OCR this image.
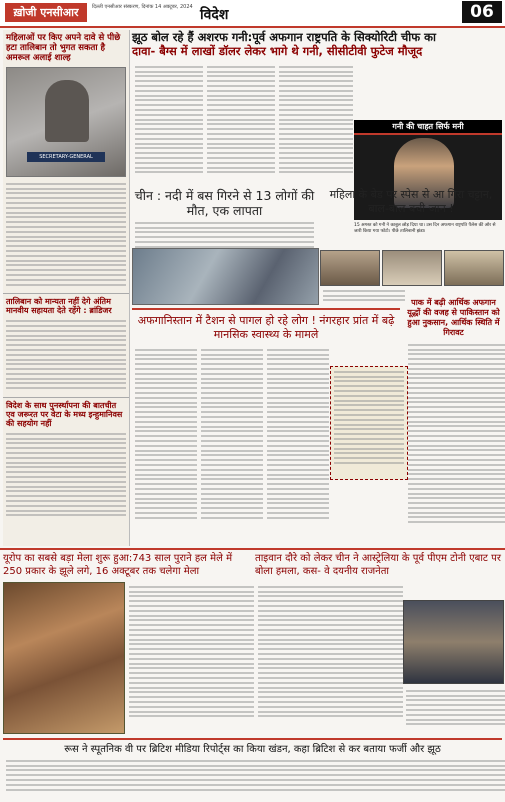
ख़ोजी एनसीआर	दिल्ली एनसीआर संस्करण, दिनांक 14 अक्टूबर, 2024 विदेश	06
महिलाओं पर किए अपने दावे से पीछे हटा तालिबान तो भुगत सकता है अमरूल अलाई शाल्ह
SECRETARY-GENERAL
तालिबान को मान्यता नहीं देगे अंतिम मानवीय सहायता देते रहेंगे : ब्रांडिजर
विदेश के साथ पुनर्स्थापना की बातचीत एव जरूरत पर वेटा के मध्य इन्हुमानिवस की सहयोग नहीं
झूठ बोल रहे हैं अशरफ गनी:पूर्व अफगान राष्ट्रपति के सिक्योरिटी चीफ का
दावा- बैग्स में लाखों डॉलर लेकर भागे थे गनी, सीसीटीवी फुटेज मौजूद
गनी की चाहत सिर्फ मनी
15 अगस्त को गनी ने काबुल छोड़ दिया था। उस दिन अफगान राष्ट्रपति पैलेस की ओर से जारी किया गया फोटो। पीछे तालिबानी झंडा।
चीन : नदी में बस गिरने से 13 लोगों की मौत, एक लापता
महिला के बेड पर स्पेस से आ गिरा चट्टान, बाल-बाल बची जान !
पाक में बढ़ी आर्थिक अफगान यूद्धों की वजह से पाकिस्तान को हुआ नुकसान, आर्थिक स्थिति में गिरावट
अफगानिस्तान में टैशन से पागल हो रहे लोग ! नंगरहार प्रांत में बढ़े मानसिक स्वास्थ्य के मामले
यूरोप का सबसे बड़ा मेला शुरू हुआ:743 साल पुराने हल मेले में 250 प्रकार के झूले लगे, 16 अक्टूबर तक चलेगा मेला
ताइवान दौरे को लेकर चीन ने आस्ट्रेलिया के पूर्व पीएम टोनी एबाट पर बोला हमला, कस- वे दयनीय राजनेता
रूस ने स्पूतनिक वी पर ब्रिटिश मीडिया रिपोर्ट्स का किया खंडन, कहा ब्रिटिश से कर बताया फर्जी और झूठ
